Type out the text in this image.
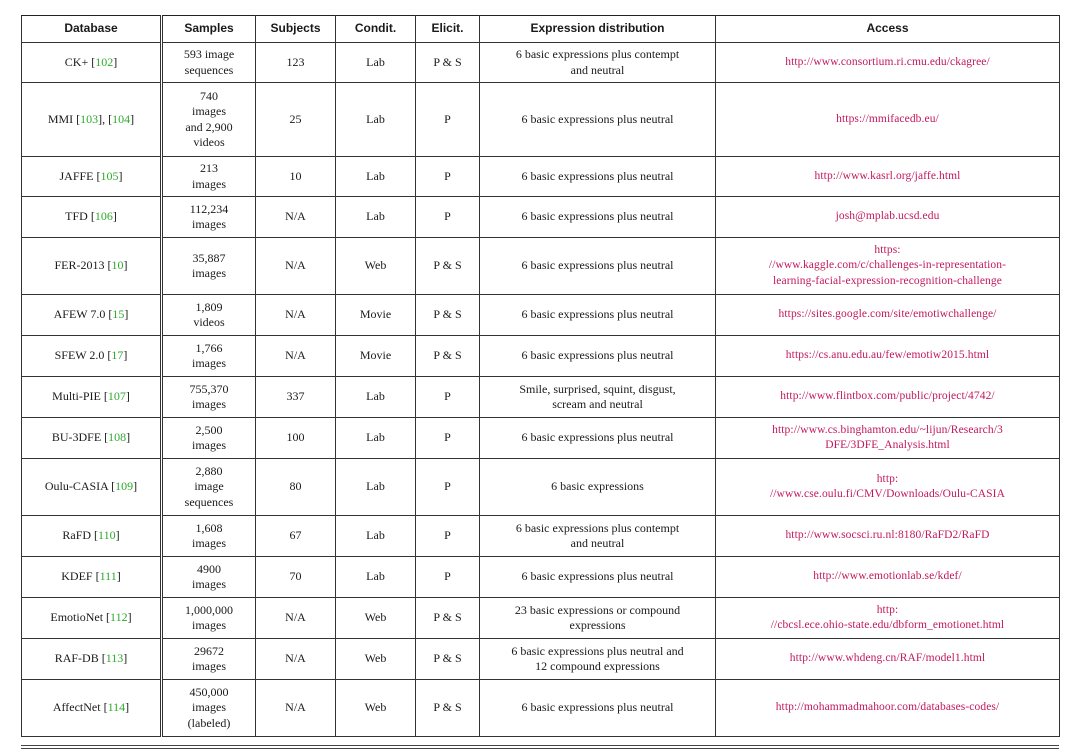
Database	Samples	Subjects	Condit.	Elicit.	Expression distribution	Access
CK+ [102]	593 image
sequences	123	Lab	P & S	6 basic expressions plus contempt
and neutral	http://www.consortium.ri.cmu.edu/ckagree/

MMI [103], [104]	740
images
and 2,900
videos	25	Lab	P	6 basic expressions plus neutral	https://mmifacedb.eu/

JAFFE [105]	213
images	10	Lab	P	6 basic expressions plus neutral	http://www.kasrl.org/jaffe.html

TFD [106]	112,234
images	N/A	Lab	P	6 basic expressions plus neutral	josh@mplab.ucsd.edu

FER-2013 [10]	35,887
images	N/A	Web	P & S	6 basic expressions plus neutral	https:
//www.kaggle.com/c/challenges-in-representation-
learning-facial-expression-recognition-challenge

AFEW 7.0 [15]	1,809
videos	N/A	Movie	P & S	6 basic expressions plus neutral	https://sites.google.com/site/emotiwchallenge/

SFEW 2.0 [17]	1,766
images	N/A	Movie	P & S	6 basic expressions plus neutral	https://cs.anu.edu.au/few/emotiw2015.html

Multi-PIE [107]	755,370
images	337	Lab	P	Smile, surprised, squint, disgust,
scream and neutral	http://www.flintbox.com/public/project/4742/

BU-3DFE [108]	2,500
images	100	Lab	P	6 basic expressions plus neutral	http://www.cs.binghamton.edu/~lijun/Research/3
DFE/3DFE_Analysis.html

Oulu-CASIA [109]	2,880
image
sequences	80	Lab	P	6 basic expressions	http:
//www.cse.oulu.fi/CMV/Downloads/Oulu-CASIA

RaFD [110]	1,608
images	67	Lab	P	6 basic expressions plus contempt
and neutral	http://www.socsci.ru.nl:8180/RaFD2/RaFD

KDEF [111]	4900
images	70	Lab	P	6 basic expressions plus neutral	http://www.emotionlab.se/kdef/

EmotioNet [112]	1,000,000
images	N/A	Web	P & S	23 basic expressions or compound
expressions	http:
//cbcsl.ece.ohio-state.edu/dbform_emotionet.html

RAF-DB [113]	29672
images	N/A	Web	P & S	6 basic expressions plus neutral and
12 compound expressions	http://www.whdeng.cn/RAF/model1.html

AffectNet [114]	450,000
images
(labeled)	N/A	Web	P & S	6 basic expressions plus neutral	http://mohammadmahoor.com/databases-codes/
